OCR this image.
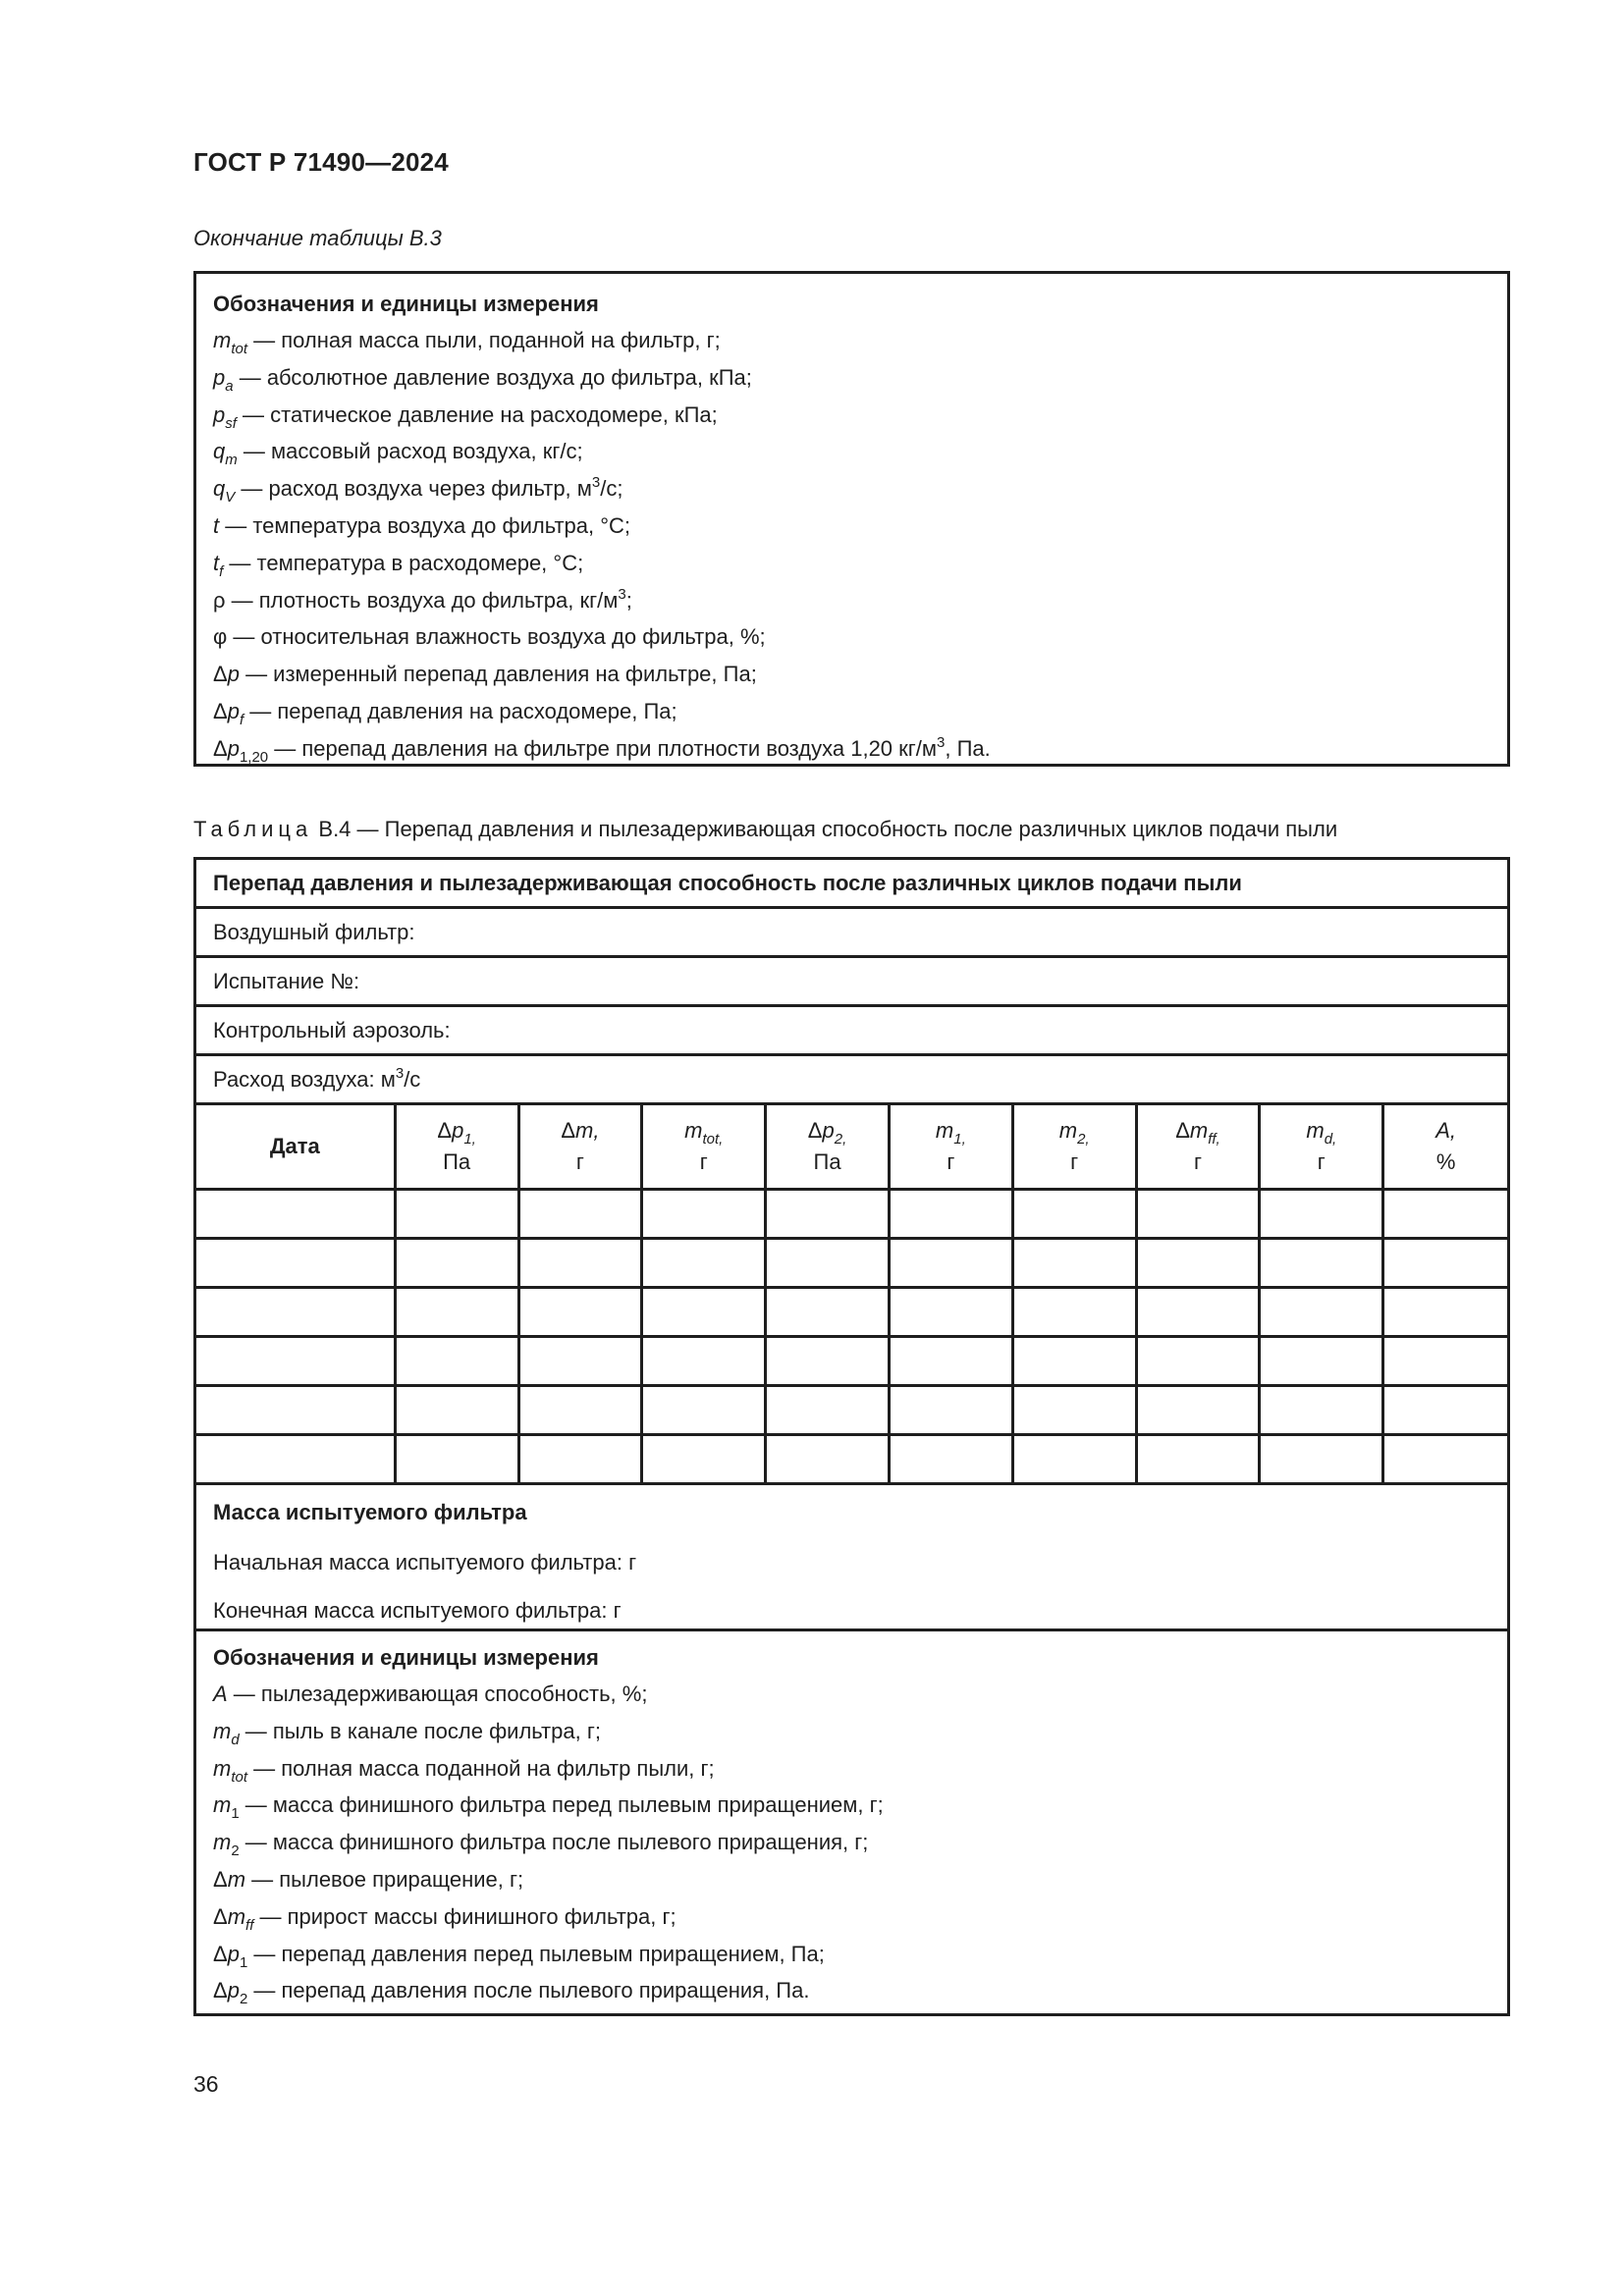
ГОСТ Р 71490—2024
Окончание таблицы В.3
Обозначения и единицы измерения
$m_{tot}$ — полная масса пыли, поданной на фильтр, г;
$p_a$ — абсолютное давление воздуха до фильтра, кПа;
$p_{sf}$ — статическое давление на расходомере, кПа;
$q_m$ — массовый расход воздуха, кг/с;
$q_V$ — расход воздуха через фильтр, $м^3/с$;
t — температура воздуха до фильтра, °С;
$t_f$ — температура в расходомере, °С;
ρ — плотность воздуха до фильтра, $кг/м^3$;
φ — относительная влажность воздуха до фильтра, %;
Δp — измеренный перепад давления на фильтре, Па;
$\Delta p_f$ — перепад давления на расходомере, Па;
$\Delta p_{1,20}$ — перепад давления на фильтре при плотности воздуха 1,20 $кг/м^3$, Па.
Таблица В.4 — Перепад давления и пылезадерживающая способность после различных циклов подачи пыли
Перепад давления и пылезадерживающая способность после различных циклов подачи пыли
Воздушный фильтр:
Испытание №:
Контрольный аэрозоль:
Расход воздуха: $м^3/с$
Дата
$\Delta p_{1,}$
Па
Δm,
г
$m_{tot,}$
г
$\Delta p_{2,}$
Па
$m_{1,}$
г
$m_{2,}$
г
$\Delta m_{ff,}$
г
$m_{d,}$
г
A,
%
Масса испытуемого фильтра
Начальная масса испытуемого фильтра: г
Конечная масса испытуемого фильтра: г
Обозначения и единицы измерения
A — пылезадерживающая способность, %;
$m_d$ — пыль в канале после фильтра, г;
$m_{tot}$ — полная масса поданной на фильтр пыли, г;
$m_1$ — масса финишного фильтра перед пылевым приращением, г;
$m_2$ — масса финишного фильтра после пылевого приращения, г;
Δm — пылевое приращение, г;
$\Delta m_{ff}$ — прирост массы финишного фильтра, г;
$\Delta p_1$ — перепад давления перед пылевым приращением, Па;
$\Delta p_2$ — перепад давления после пылевого приращения, Па.
36
